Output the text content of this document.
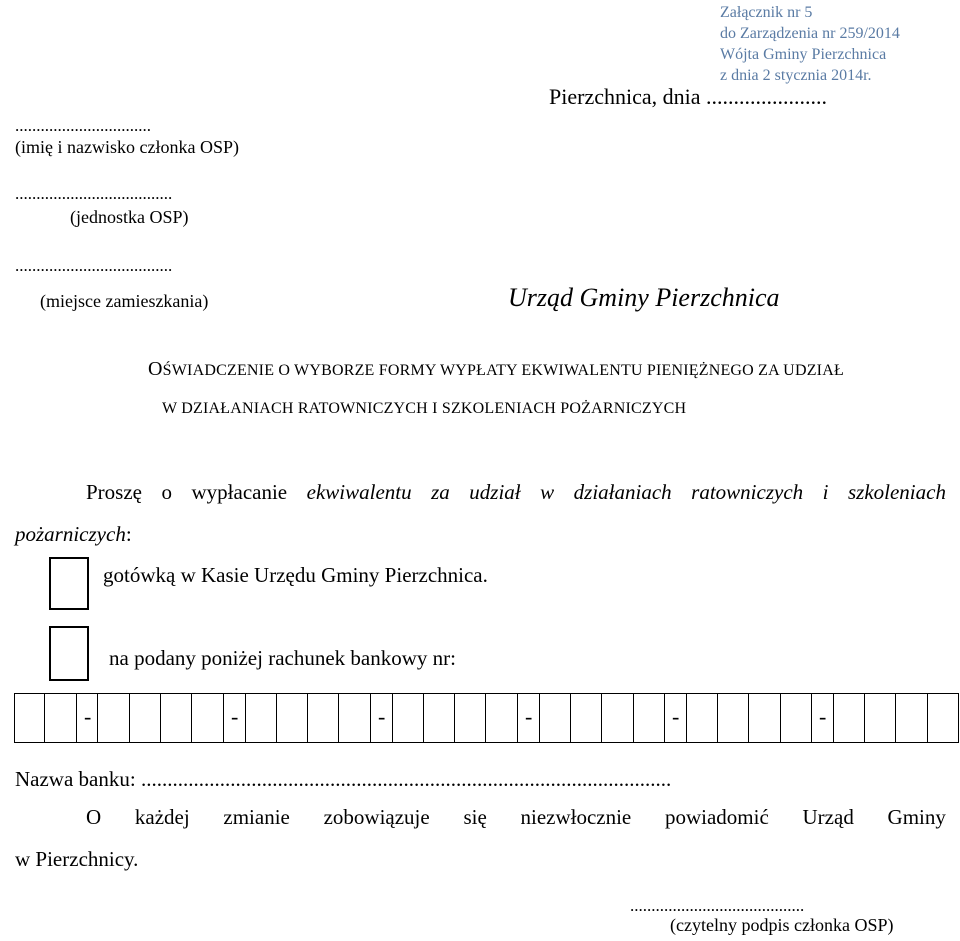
Załącznik nr 5
do Zarządzenia nr 259/2014
Wójta Gminy Pierzchnica
z dnia 2 stycznia 2014r.
Pierzchnica, dnia ......................
................................
(imię i nazwisko członka OSP)
.....................................
(jednostka OSP)
.....................................
(miejsce zamieszkania)	Urząd Gminy Pierzchnica
OŚWIADCZENIE O WYBORZE FORMY WYPŁATY EKWIWALENTU PIENIĘŻNEGO ZA UDZIAŁ
W DZIAŁANIACH RATOWNICZYCH I SZKOLENIACH POŻARNICZYCH
Proszę o wypłacanie ekwiwalentu za udział w działaniach ratowniczych i szkoleniach
pożarniczych:
gotówką w Kasie Urzędu Gminy Pierzchnica.
na podany poniżej rachunek bankowy nr:
-	-	-	-	-	-
Nazwa banku: .....................................................................................................
O każdej zmianie zobowiązuje się niezwłocznie powiadomić Urząd Gminy
w Pierzchnicy.
.........................................
(czytelny podpis członka OSP)
